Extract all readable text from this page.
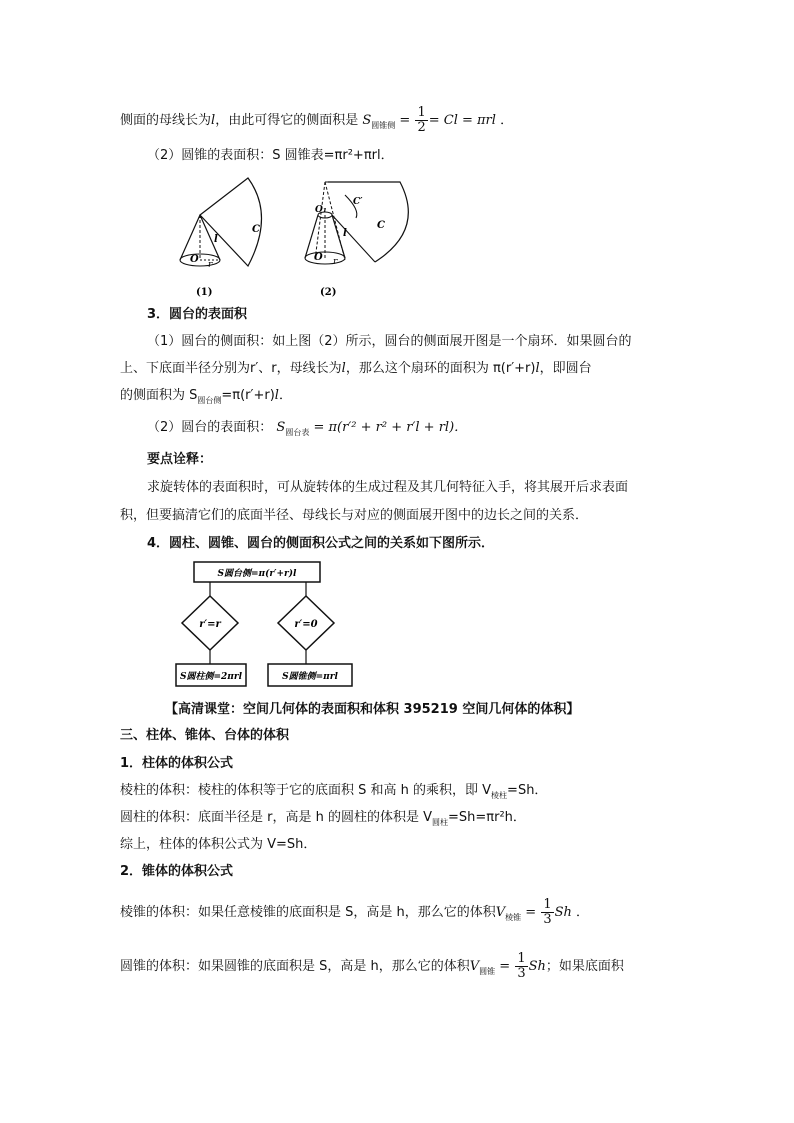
侧面的母线长为l，由此可得它的侧面积是 $S_{圆锥侧} = \frac{1}{2} = Cl = \pi rl$ ．
（2）圆锥的表面积：S 圆锥表=πr²+πrl．
O r
l
C
(1)
O₁
C′
l
C
O r
(2)
3．圆台的表面积
（1）圆台的侧面积：如上图（2）所示，圆台的侧面展开图是一个扇环．如果圆台的
上、下底面半径分别为r′、r，母线长为l，那么这个扇环的面积为 π(r′+r)l，即圆台
的侧面积为 $S_{圆台侧}=\pi(r'+r)l$．
（2）圆台的表面积： $S_{圆台表} = \pi(r'^2 + r^2 + r'l + rl)$．
要点诠释：
求旋转体的表面积时，可从旋转体的生成过程及其几何特征入手，将其展开后求表面
积，但要搞清它们的底面半径、母线长与对应的侧面展开图中的边长之间的关系．
4．圆柱、圆锥、圆台的侧面积公式之间的关系如下图所示．
S圆台侧=π(r′+r)l
r′=r	r′=0
S圆柱侧=2πrl	S圆锥侧=πrl
【高清课堂：空间几何体的表面积和体积 395219 空间几何体的体积】
三、柱体、锥体、台体的体积
1．柱体的体积公式
棱柱的体积：棱柱的体积等于它的底面积 S 和高 h 的乘积，即 $V_{棱柱}=Sh$．
圆柱的体积：底面半径是 r，高是 h 的圆柱的体积是 $V_{圆柱}=Sh=\pi r^2h$．
综上，柱体的体积公式为 V=Sh．
2．锥体的体积公式
棱锥的体积：如果任意棱锥的底面积是 S，高是 h，那么它的体积$V_{棱锥} = \frac{1}{3}$ Sh ．
圆锥的体积：如果圆锥的底面积是 S，高是 h，那么它的体积$V_{圆锥} = \frac{1}{3}$ Sh；如果底面积
